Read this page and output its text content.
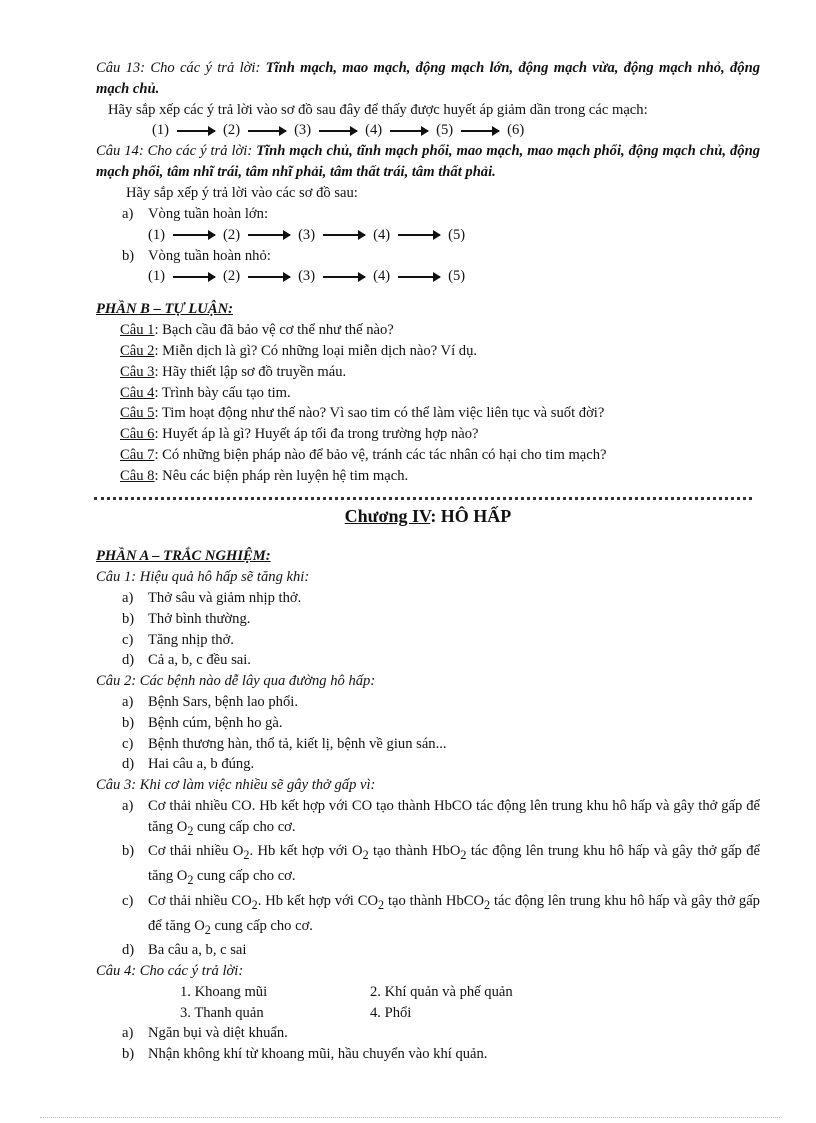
Câu 13: Cho các ý trả lời: Tĩnh mạch, mao mạch, động mạch lớn, động mạch vừa, động mạch nhỏ, động mạch chủ.
Hãy sắp xếp các ý trả lời vào sơ đồ sau đây để thấy được huyết áp giảm dần trong các mạch:
(1)	(2)	(3)	(4)	(5)	(6)
Câu 14: Cho các ý trả lời: Tĩnh mạch chủ, tĩnh mạch phổi, mao mạch, mao mạch phổi, động mạch chủ, động mạch phổi, tâm nhĩ trái, tâm nhĩ phải, tâm thất trái, tâm thất phải.
Hãy sắp xếp ý trả lời vào các sơ đồ sau:
a)	Vòng tuần hoàn lớn:
(1)	(2)	(3)	(4)	(5)
b) Vòng tuần hoàn nhỏ:
(1)	(2)	(3)	(4)	(5)
PHẦN B – TỰ LUẬN:
Câu 1: Bạch cầu đã bảo vệ cơ thể như thế nào?
Câu 2: Miễn dịch là gì? Có những loại miễn dịch nào? Ví dụ.
Câu 3: Hãy thiết lập sơ đồ truyền máu.
Câu 4: Trình bày cấu tạo tim.
Câu 5: Tim hoạt động như thế nào? Vì sao tim có thể làm việc liên tục và suốt đời?
Câu 6: Huyết áp là gì? Huyết áp tối đa trong trường hợp nào?
Câu 7: Có những biện pháp nào để bảo vệ, tránh các tác nhân có hại cho tim mạch?
Câu 8: Nêu các biện pháp rèn luyện hệ tim mạch.
Chương IV: HÔ HẤP
PHẦN A – TRẮC NGHIỆM:
Câu 1: Hiệu quả hô hấp sẽ tăng khi:
a)	Thở sâu và giảm nhịp thở.
b) Thở bình thường.
c)	Tăng nhịp thở.
d) Cả a, b, c đều sai.
Câu 2: Các bệnh nào dễ lây qua đường hô hấp:
a)	Bệnh Sars, bệnh lao phổi.
b) Bệnh cúm, bệnh ho gà.
c)	Bệnh thương hàn, thổ tả, kiết lị, bệnh về giun sán...
d) Hai câu a, b đúng.
Câu 3: Khi cơ làm việc nhiều sẽ gây thở gấp vì:
a)	Cơ thải nhiều CO. Hb kết hợp với CO tạo thành HbCO tác động lên trung khu hô hấp và gây thở gấp để tăng $O_2$ cung cấp cho cơ.
b) Cơ thải nhiều $O_2$. Hb kết hợp với $O_2$ tạo thành HbO$_2$ tác động lên trung khu hô hấp và gây thở gấp để tăng $O_2$ cung cấp cho cơ.
c)	Cơ thải nhiều $CO_2$. Hb kết hợp với $CO_2$ tạo thành HbCO$_2$ tác động lên trung khu hô hấp và gây thở gấp để tăng $O_2$ cung cấp cho cơ.
d) Ba câu a, b, c sai
Câu 4: Cho các ý trả lời:
1. Khoang mũi	2. Khí quản và phế quản
3. Thanh quản	4. Phổi
a)	Ngăn bụi và diệt khuẩn.
b) Nhận không khí từ khoang mũi, hầu chuyển vào khí quản.
